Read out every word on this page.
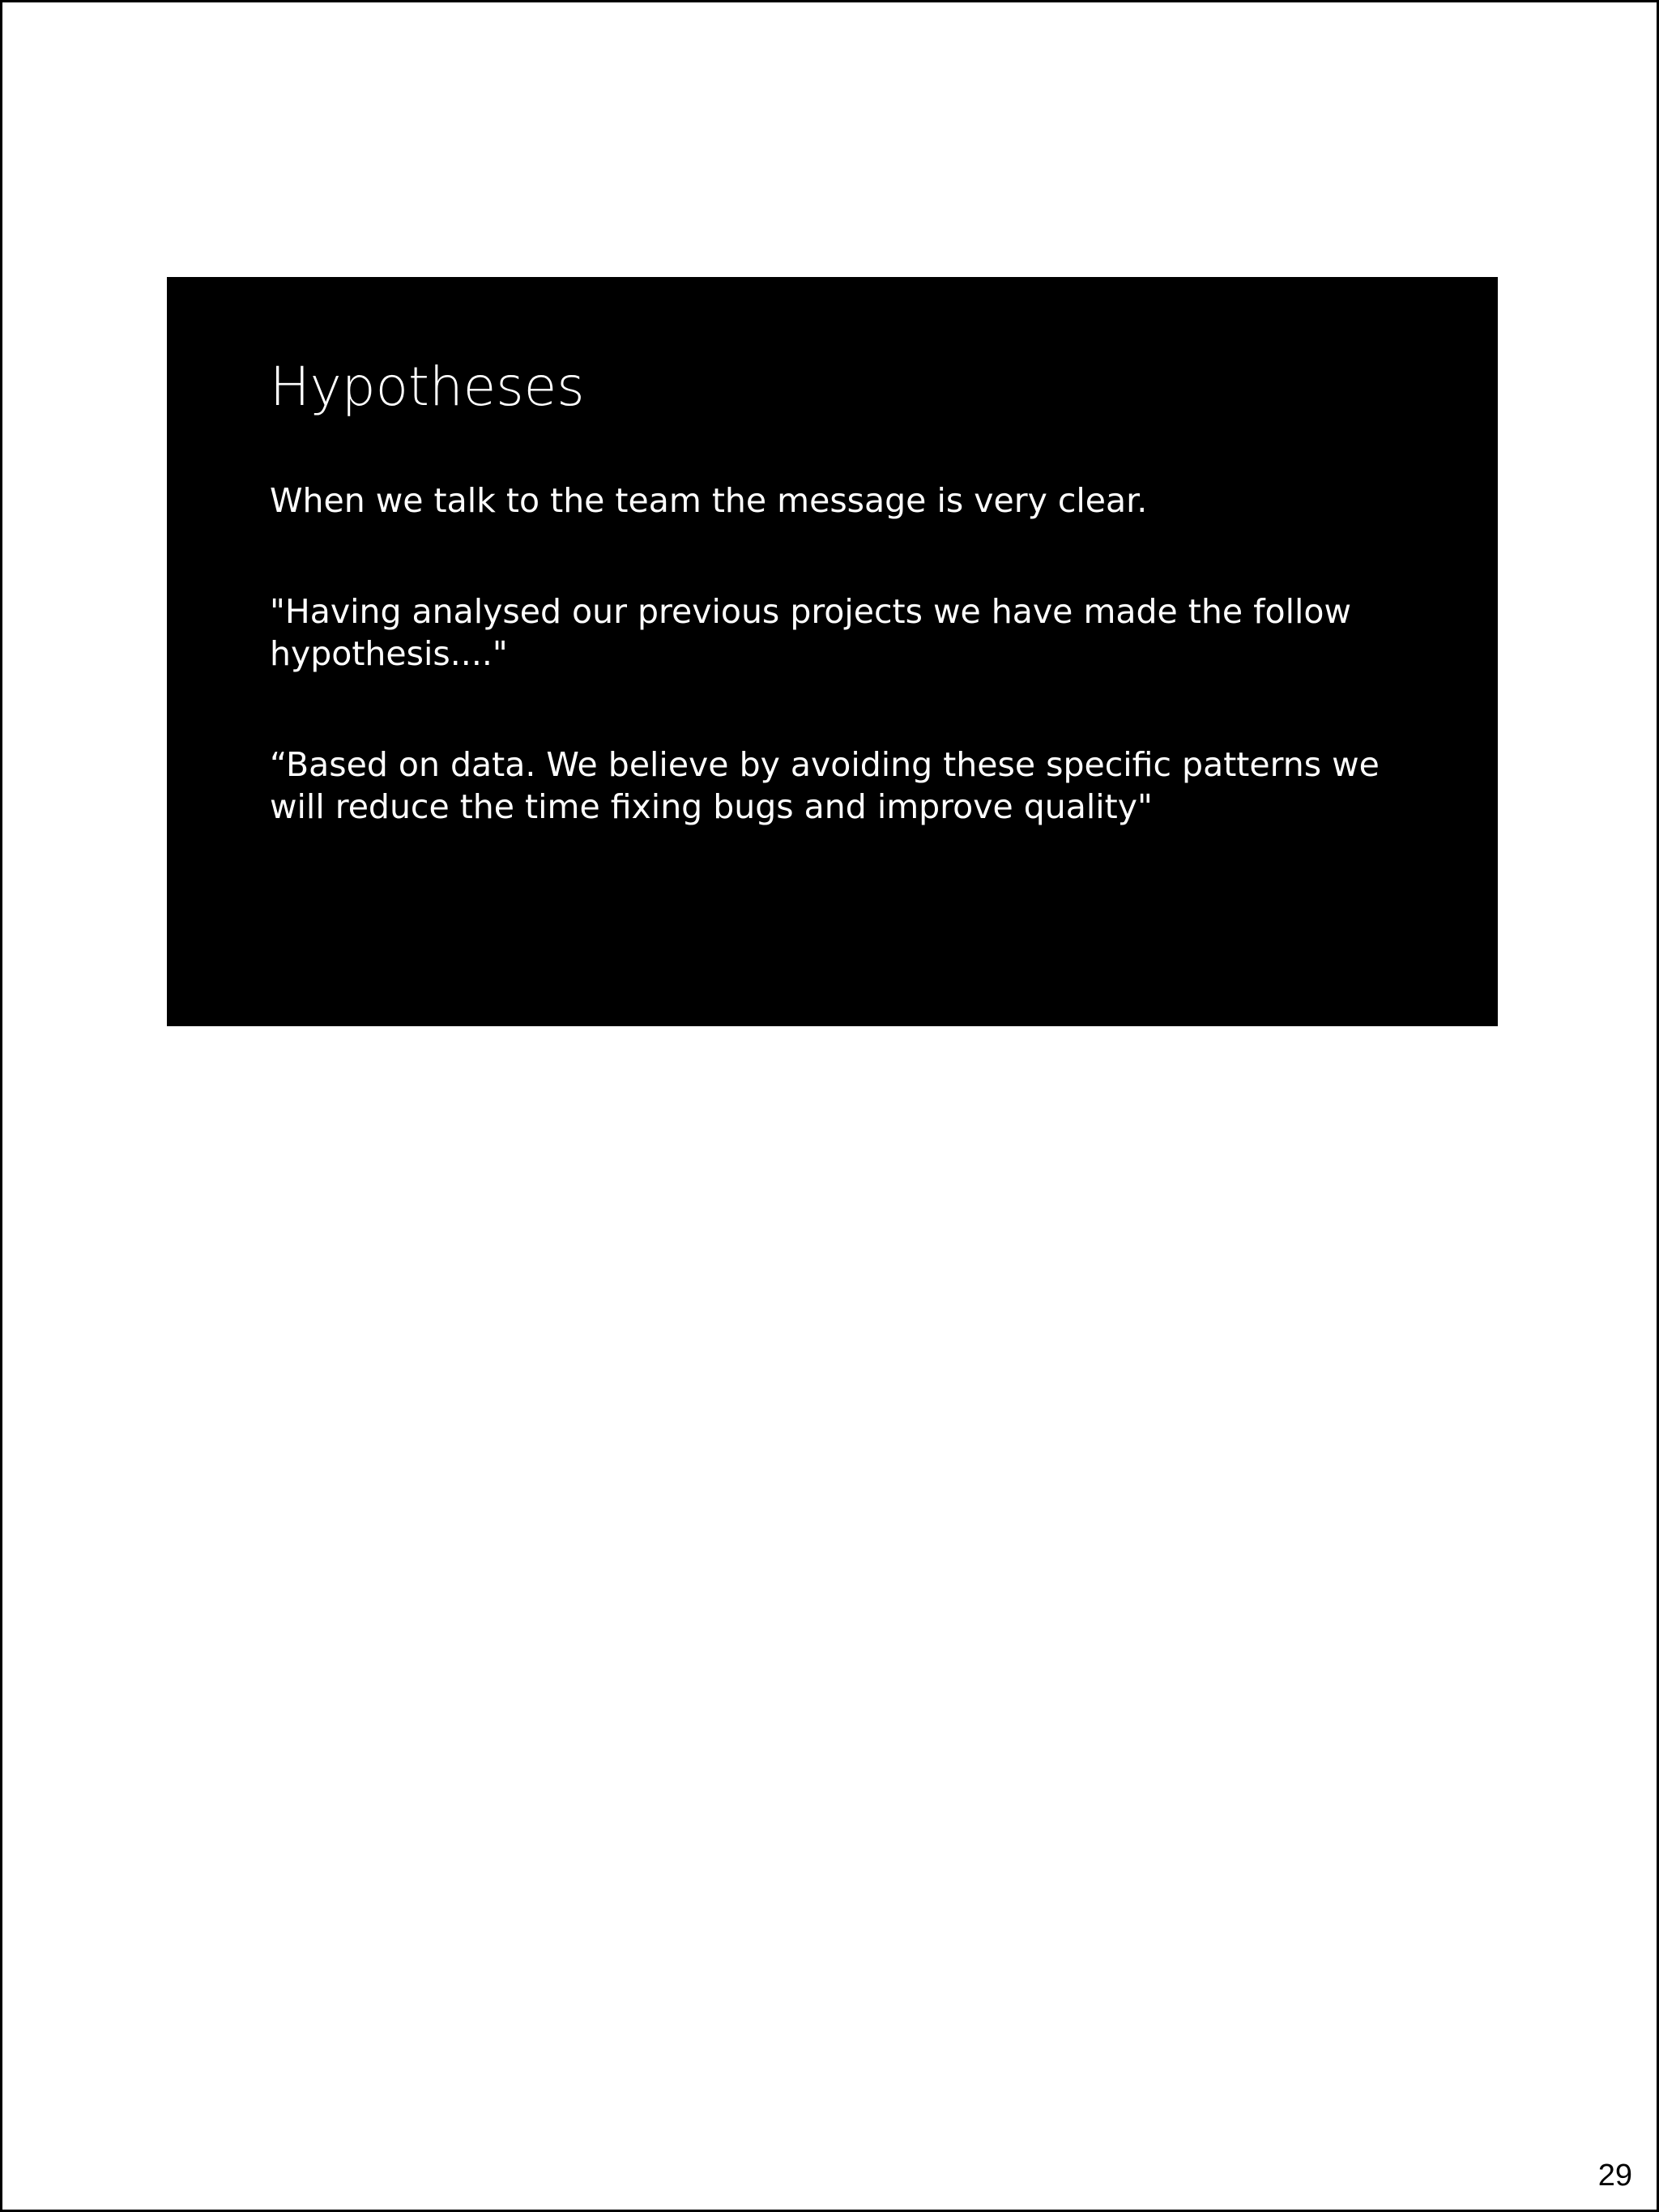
Hypotheses

When we talk to the team the message is very clear.

"Having analysed our previous projects we have made the follow hypothesis...."

“Based on data. We believe by avoiding these specific patterns we will reduce the time fixing bugs and improve quality"

29
